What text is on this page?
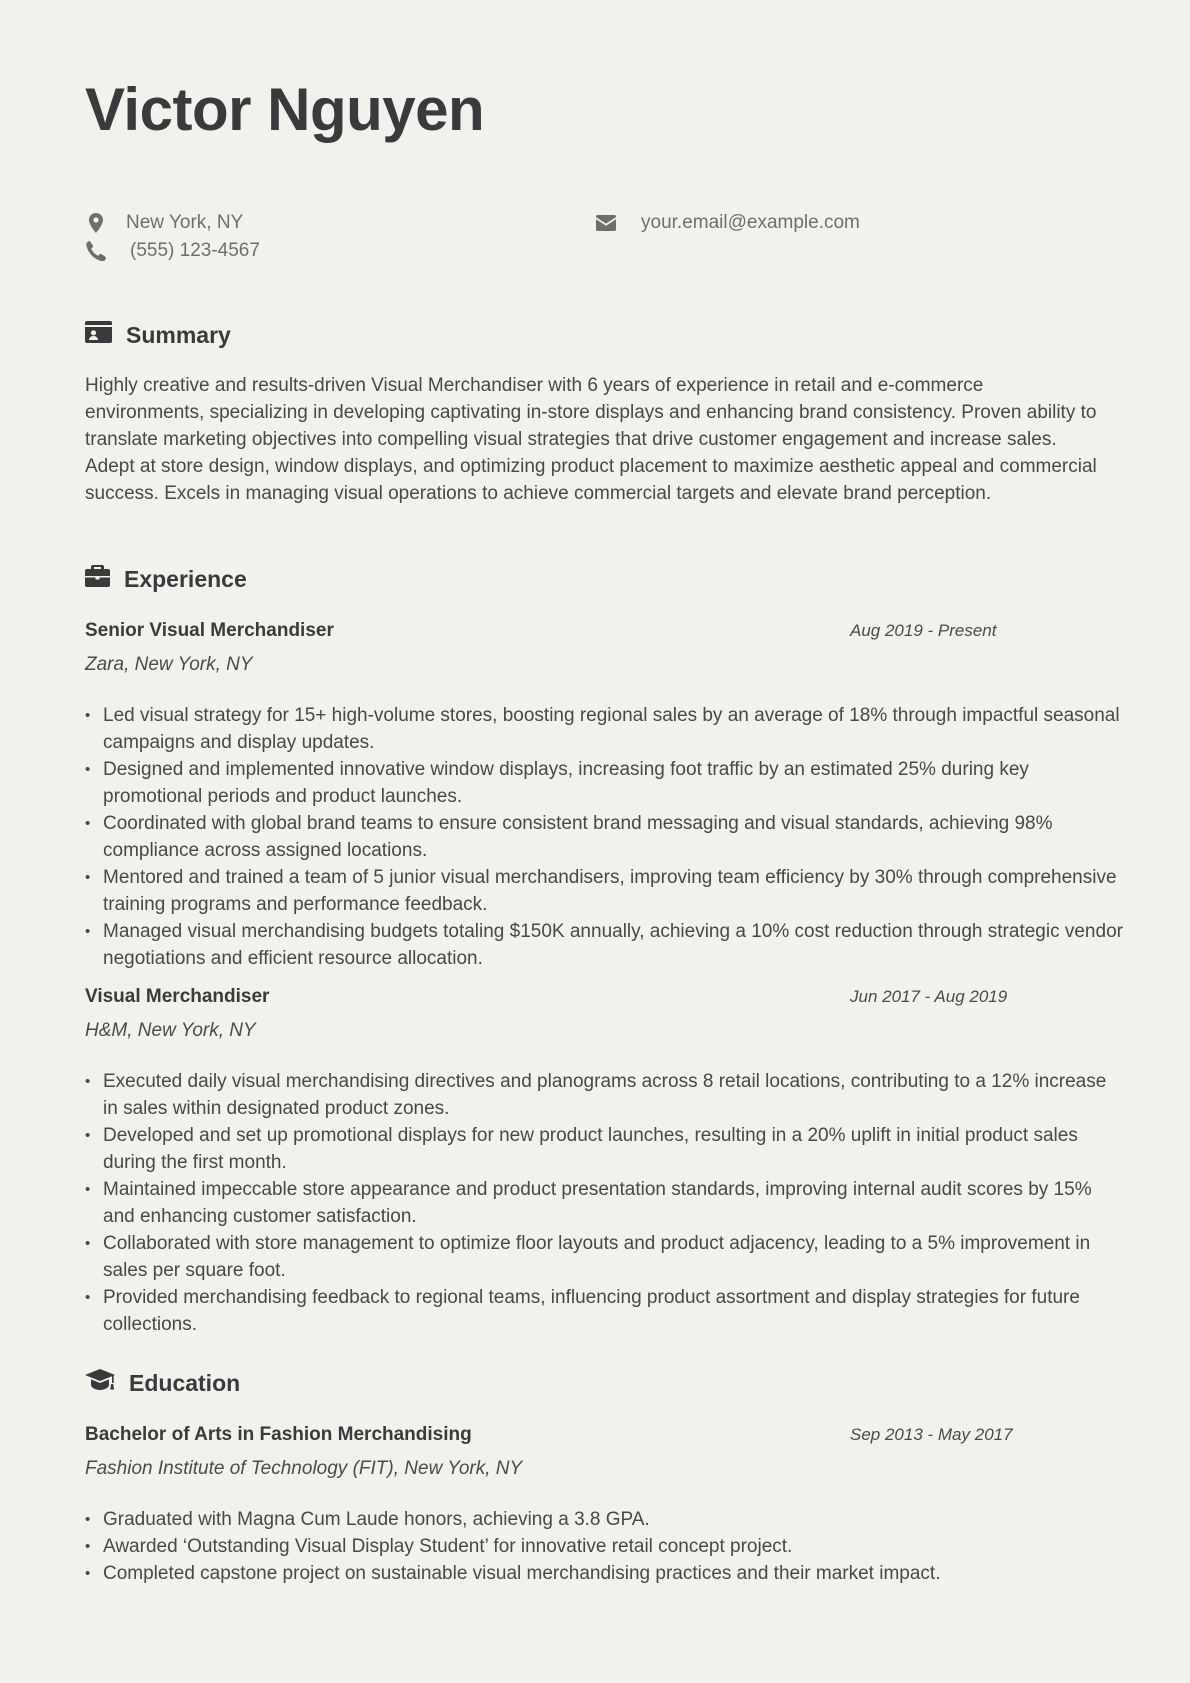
Victor Nguyen
New York, NY
(555) 123-4567
your.email@example.com
Summary

Highly creative and results-driven Visual Merchandiser with 6 years of experience in retail and e-commerce environments, specializing in developing captivating in-store displays and enhancing brand consistency. Proven ability to translate marketing objectives into compelling visual strategies that drive customer engagement and increase sales. Adept at store design, window displays, and optimizing product placement to maximize aesthetic appeal and commercial success. Excels in managing visual operations to achieve commercial targets and elevate brand perception.

Experience
Senior Visual Merchandiser	Aug 2019 - Present
Zara, New York, NY
• Led visual strategy for 15+ high-volume stores, boosting regional sales by an average of 18% through impactful seasonal campaigns and display updates.
• Designed and implemented innovative window displays, increasing foot traffic by an estimated 25% during key promotional periods and product launches.
• Coordinated with global brand teams to ensure consistent brand messaging and visual standards, achieving 98% compliance across assigned locations.
• Mentored and trained a team of 5 junior visual merchandisers, improving team efficiency by 30% through comprehensive training programs and performance feedback.
• Managed visual merchandising budgets totaling $150K annually, achieving a 10% cost reduction through strategic vendor negotiations and efficient resource allocation.
Visual Merchandiser	Jun 2017 - Aug 2019
H&M, New York, NY
• Executed daily visual merchandising directives and planograms across 8 retail locations, contributing to a 12% increase in sales within designated product zones.
• Developed and set up promotional displays for new product launches, resulting in a 20% uplift in initial product sales during the first month.
• Maintained impeccable store appearance and product presentation standards, improving internal audit scores by 15% and enhancing customer satisfaction.
• Collaborated with store management to optimize floor layouts and product adjacency, leading to a 5% improvement in sales per square foot.
• Provided merchandising feedback to regional teams, influencing product assortment and display strategies for future collections.
Education
Bachelor of Arts in Fashion Merchandising	Sep 2013 - May 2017
Fashion Institute of Technology (FIT), New York, NY
• Graduated with Magna Cum Laude honors, achieving a 3.8 GPA.
• Awarded ‘Outstanding Visual Display Student’ for innovative retail concept project.
• Completed capstone project on sustainable visual merchandising practices and their market impact.
